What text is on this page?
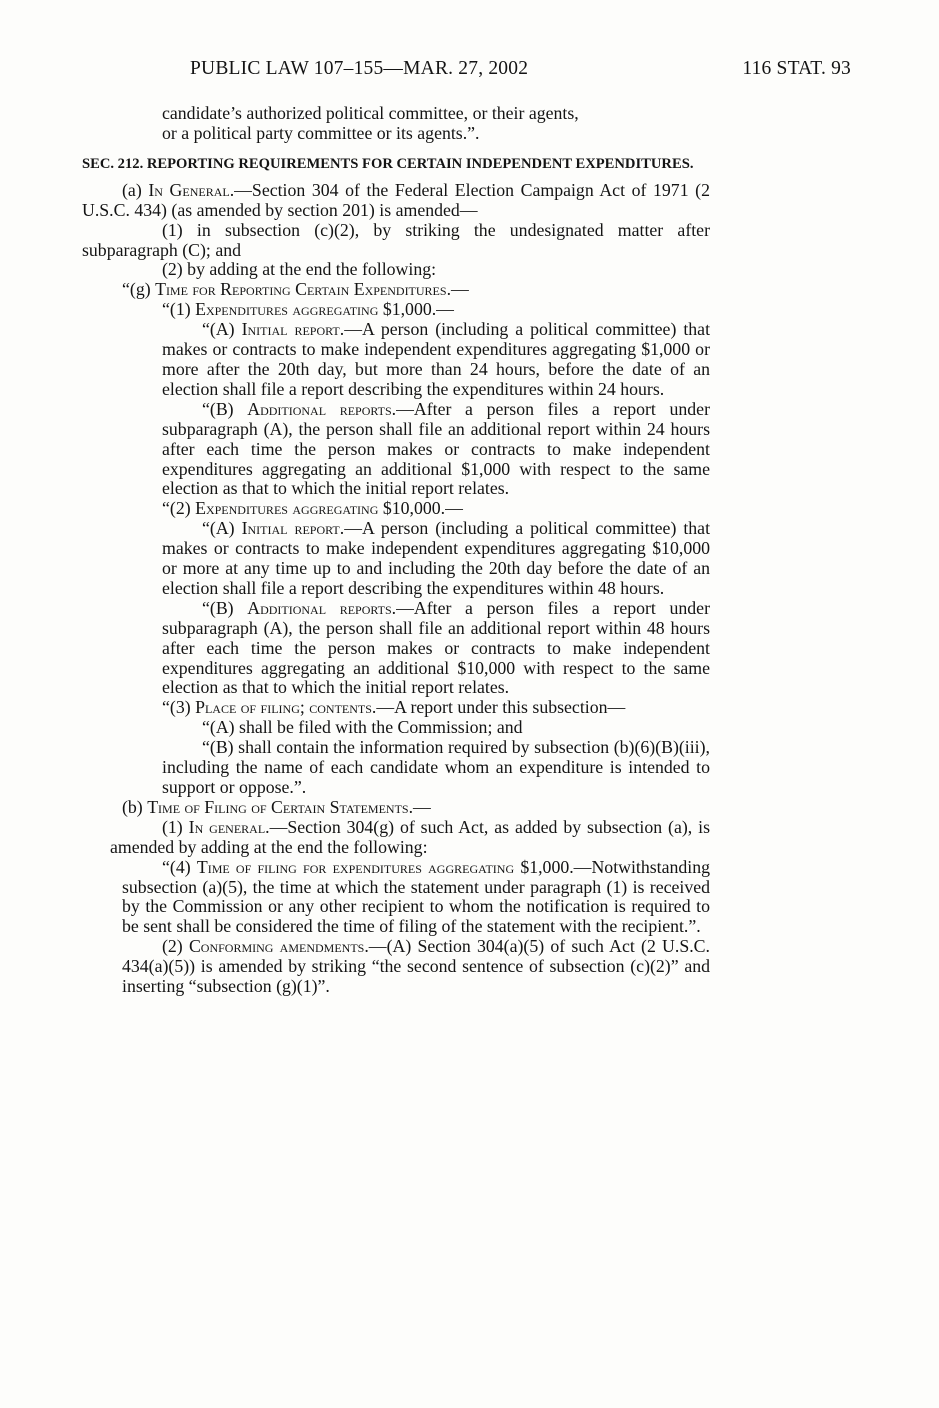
PUBLIC LAW 107–155—MAR. 27, 2002	116 STAT. 93

candidate’s authorized political committee, or their agents,

or a political party committee or its agents.”.

SEC. 212. REPORTING REQUIREMENTS FOR CERTAIN INDEPENDENT EXPENDITURES.

(a) In General.—Section 304 of the Federal Election Campaign Act of 1971 (2 U.S.C. 434) (as amended by section 201) is amended—

(1) in subsection (c)(2), by striking the undesignated matter after subparagraph (C); and

(2) by adding at the end the following:

“(g) Time for Reporting Certain Expenditures.—

“(1) Expenditures aggregating $1,000.—

“(A) Initial report.—A person (including a political committee) that makes or contracts to make independent expenditures aggregating $1,000 or more after the 20th day, but more than 24 hours, before the date of an election shall file a report describing the expenditures within 24 hours.

“(B) Additional reports.—After a person files a report under subparagraph (A), the person shall file an additional report within 24 hours after each time the person makes or contracts to make independent expenditures aggregating an additional $1,000 with respect to the same election as that to which the initial report relates.

“(2) Expenditures aggregating $10,000.—

“(A) Initial report.—A person (including a political committee) that makes or contracts to make independent expenditures aggregating $10,000 or more at any time up to and including the 20th day before the date of an election shall file a report describing the expenditures within 48 hours.

“(B) Additional reports.—After a person files a report under subparagraph (A), the person shall file an additional report within 48 hours after each time the person makes or contracts to make independent expenditures aggregating an additional $10,000 with respect to the same election as that to which the initial report relates.

“(3) Place of filing; contents.—A report under this subsection—

“(A) shall be filed with the Commission; and

“(B) shall contain the information required by subsection (b)(6)(B)(iii), including the name of each candidate whom an expenditure is intended to support or oppose.”.

(b) Time of Filing of Certain Statements.—

(1) In general.—Section 304(g) of such Act, as added by subsection (a), is amended by adding at the end the following:

“(4) Time of filing for expenditures aggregating $1,000.—Notwithstanding subsection (a)(5), the time at which the statement under paragraph (1) is received by the Commission or any other recipient to whom the notification is required to be sent shall be considered the time of filing of the statement with the recipient.”.

(2) Conforming amendments.—(A) Section 304(a)(5) of such Act (2 U.S.C. 434(a)(5)) is amended by striking “the second sentence of subsection (c)(2)” and inserting “subsection (g)(1)”.
